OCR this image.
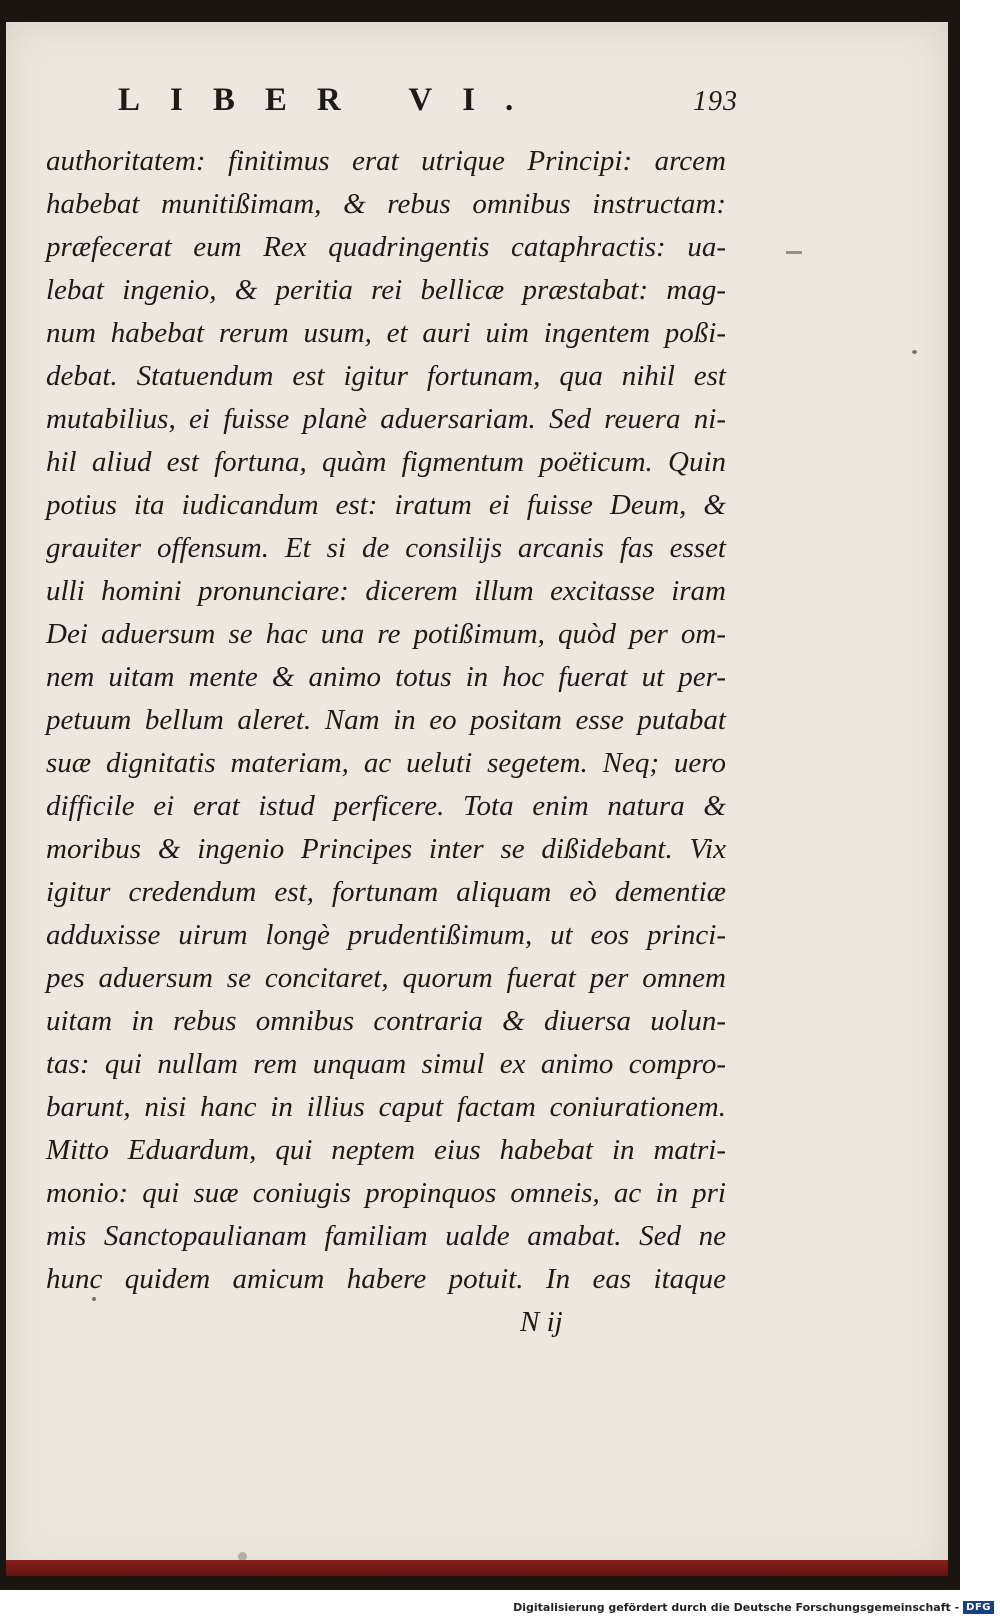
LIBER VI.	193
authoritatem: finitimus erat utrique Principi: arcem
habebat munitißimam, & rebus omnibus instructam:
præfecerat eum Rex quadringentis cataphractis: ua-
lebat ingenio, & peritia rei bellicæ præstabat: mag-
num habebat rerum usum, et auri uim ingentem poßi-
debat. Statuendum est igitur fortunam, qua nihil est
mutabilius, ei fuisse planè aduersariam. Sed reuera ni-
hil aliud est fortuna, quàm figmentum poëticum. Quin
potius ita iudicandum est: iratum ei fuisse Deum, &
grauiter offensum. Et si de consilijs arcanis fas esset
ulli homini pronunciare: dicerem illum excitasse iram
Dei aduersum se hac una re potißimum, quòd per om-
nem uitam mente & animo totus in hoc fuerat ut per-
petuum bellum aleret. Nam in eo positam esse putabat
suæ dignitatis materiam, ac ueluti segetem. Neq; uero
difficile ei erat istud perficere. Tota enim natura &
moribus & ingenio Principes inter se dißidebant. Vix
igitur credendum est, fortunam aliquam eò dementiæ
adduxisse uirum longè prudentißimum, ut eos princi-
pes aduersum se concitaret, quorum fuerat per omnem
uitam in rebus omnibus contraria & diuersa uolun-
tas: qui nullam rem unquam simul ex animo compro-
barunt, nisi hanc in illius caput factam coniurationem.
Mitto Eduardum, qui neptem eius habebat in matri-
monio: qui suæ coniugis propinquos omneis, ac in pri
mis Sanctopaulianam familiam ualde amabat. Sed ne
hunc quidem amicum habere potuit. In eas itaque
N ij
Digitalisierung gefördert durch die Deutsche Forschungsgemeinschaft - DFG
